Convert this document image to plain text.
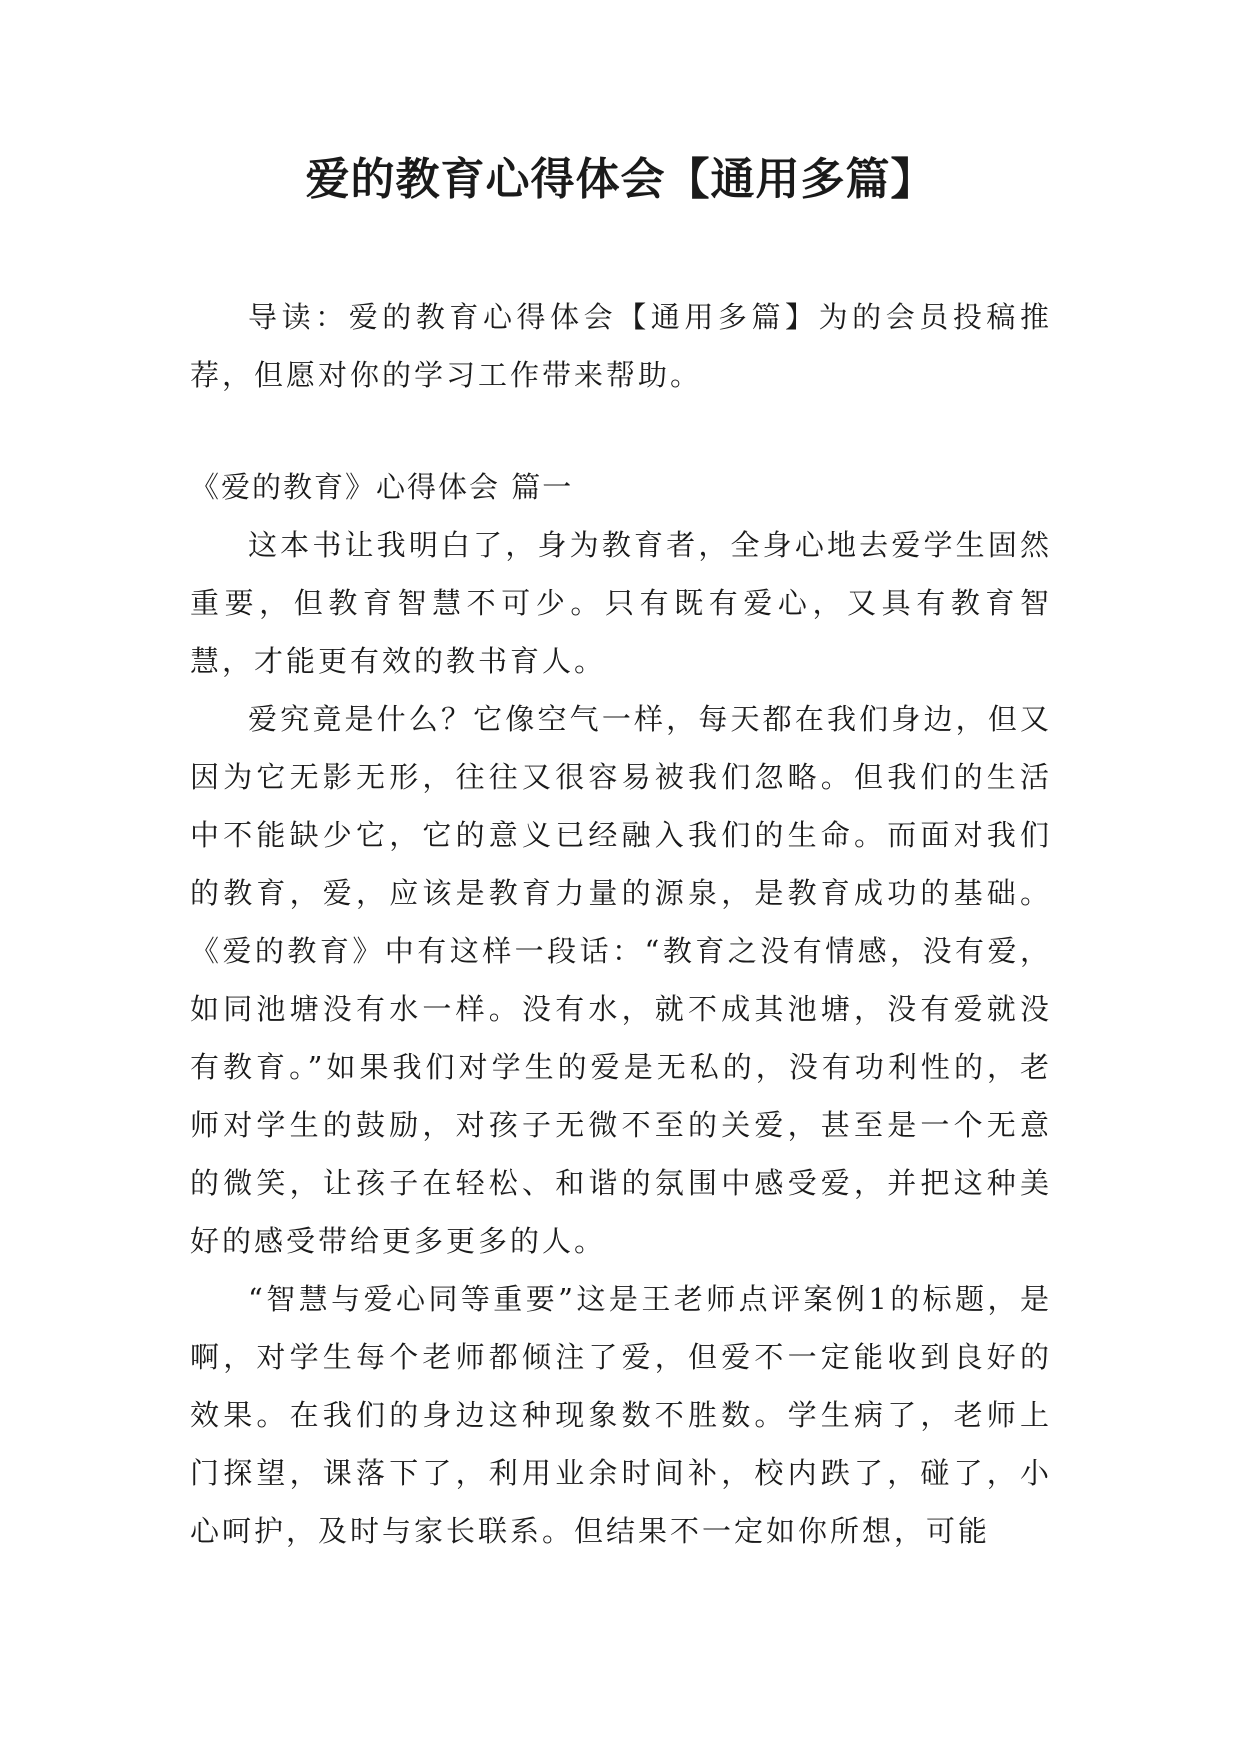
爱的教育心得体会【通用多篇】

导读：爱的教育心得体会【通用多篇】为的会员投稿推荐，但愿对你的学习工作带来帮助。

《爱的教育》心得体会 篇一

这本书让我明白了，身为教育者，全身心地去爱学生固然重要，但教育智慧不可少。只有既有爱心，又具有教育智慧，才能更有效的教书育人。

爱究竟是什么？它像空气一样，每天都在我们身边，但又因为它无影无形，往往又很容易被我们忽略。但我们的生活中不能缺少它，它的意义已经融入我们的生命。而面对我们的教育，爱，应该是教育力量的源泉，是教育成功的基础。《爱的教育》中有这样一段话：“教育之没有情感，没有爱，如同池塘没有水一样。没有水，就不成其池塘，没有爱就没有教育。”如果我们对学生的爱是无私的，没有功利性的，老师对学生的鼓励，对孩子无微不至的关爱，甚至是一个无意的微笑，让孩子在轻松、和谐的氛围中感受爱，并把这种美好的感受带给更多更多的人。

“智慧与爱心同等重要”这是王老师点评案例1的标题，是啊，对学生每个老师都倾注了爱，但爱不一定能收到良好的效果。在我们的身边这种现象数不胜数。学生病了，老师上门探望，课落下了，利用业余时间补，校内跌了，碰了，小心呵护，及时与家长联系。但结果不一定如你所想，可能
